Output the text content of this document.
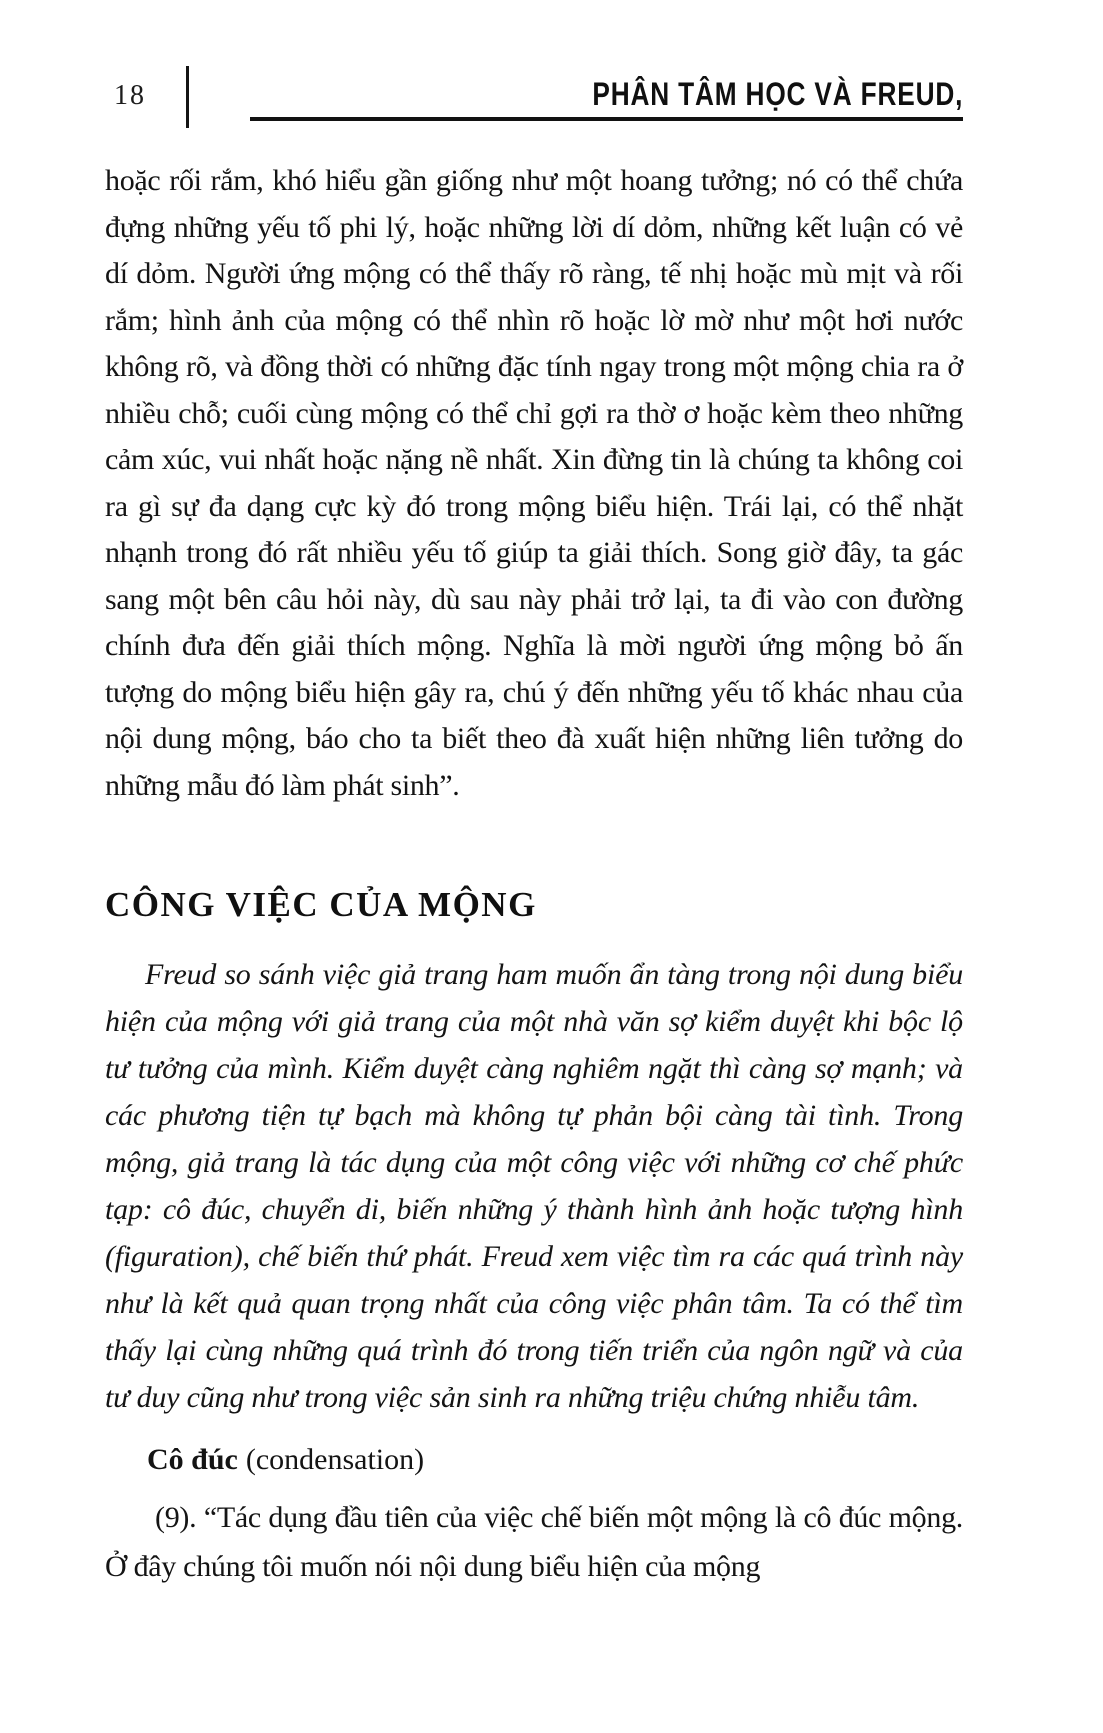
18	PHÂN TÂM HỌC VÀ FREUD,

hoặc rối rắm, khó hiểu gần giống như một hoang tưởng; nó có thể chứa đựng những yếu tố phi lý, hoặc những lời dí dỏm, những kết luận có vẻ dí dỏm. Người ứng mộng có thể thấy rõ ràng, tế nhị hoặc mù mịt và rối rắm; hình ảnh của mộng có thể nhìn rõ hoặc lờ mờ như một hơi nước không rõ, và đồng thời có những đặc tính ngay trong một mộng chia ra ở nhiều chỗ; cuối cùng mộng có thể chỉ gợi ra thờ ơ hoặc kèm theo những cảm xúc, vui nhất hoặc nặng nề nhất. Xin đừng tin là chúng ta không coi ra gì sự đa dạng cực kỳ đó trong mộng biểu hiện. Trái lại, có thể nhặt nhạnh trong đó rất nhiều yếu tố giúp ta giải thích. Song giờ đây, ta gác sang một bên câu hỏi này, dù sau này phải trở lại, ta đi vào con đường chính đưa đến giải thích mộng. Nghĩa là mời người ứng mộng bỏ ấn tượng do mộng biểu hiện gây ra, chú ý đến những yếu tố khác nhau của nội dung mộng, báo cho ta biết theo đà xuất hiện những liên tưởng do những mẫu đó làm phát sinh”.

CÔNG VIỆC CỦA MỘNG

Freud so sánh việc giả trang ham muốn ẩn tàng trong nội dung biểu hiện của mộng với giả trang của một nhà văn sợ kiểm duyệt khi bộc lộ tư tưởng của mình. Kiểm duyệt càng nghiêm ngặt thì càng sợ mạnh; và các phương tiện tự bạch mà không tự phản bội càng tài tình. Trong mộng, giả trang là tác dụng của một công việc với những cơ chế phức tạp: cô đúc, chuyển di, biến những ý thành hình ảnh hoặc tượng hình (figuration), chế biến thứ phát. Freud xem việc tìm ra các quá trình này như là kết quả quan trọng nhất của công việc phân tâm. Ta có thể tìm thấy lại cùng những quá trình đó trong tiến triển của ngôn ngữ và của tư duy cũng như trong việc sản sinh ra những triệu chứng nhiễu tâm.

Cô đúc (condensation)

(9). “Tác dụng đầu tiên của việc chế biến một mộng là cô đúc mộng. Ở đây chúng tôi muốn nói nội dung biểu hiện của mộng
